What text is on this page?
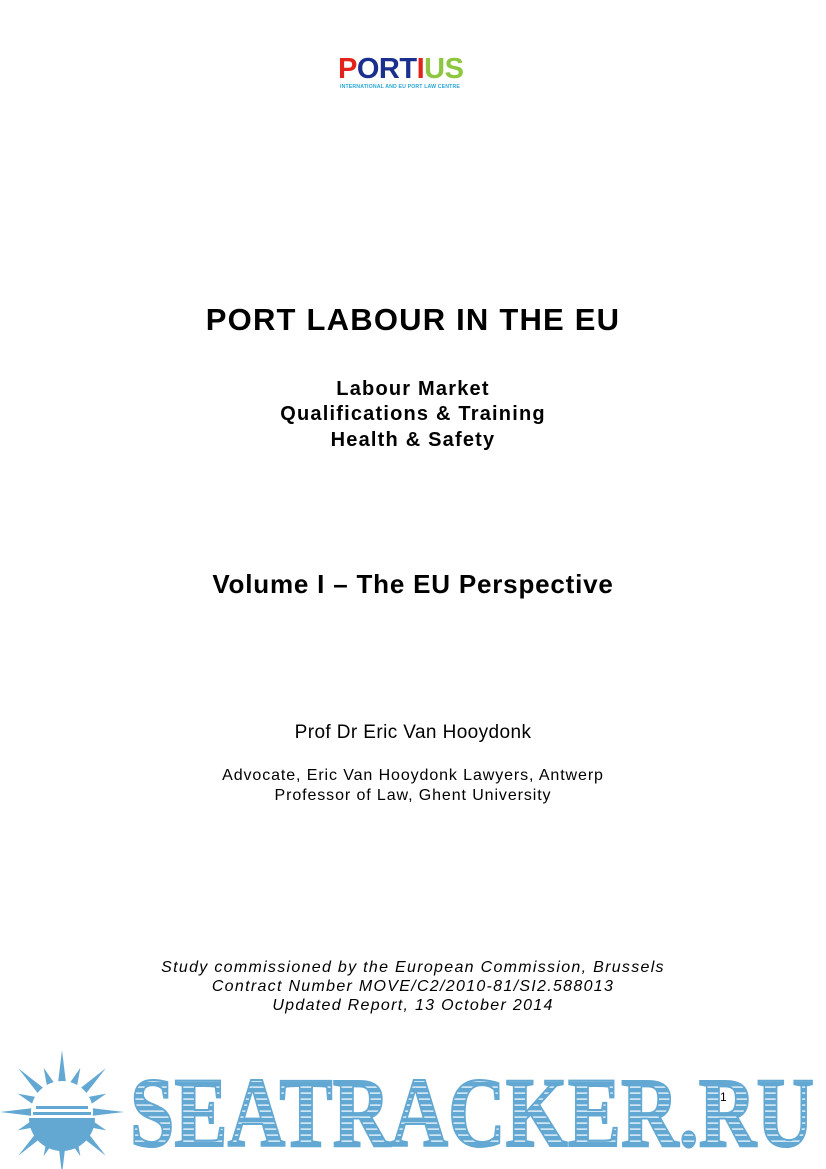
PORTIUS
INTERNATIONAL AND EU PORT LAW CENTRE
PORT LABOUR IN THE EU
Labour Market
Qualifications & Training
Health & Safety
Volume I – The EU Perspective
Prof Dr Eric Van Hooydonk
Advocate, Eric Van Hooydonk Lawyers, Antwerp
Professor of Law, Ghent University
Study commissioned by the European Commission, Brussels
Contract Number MOVE/C2/2010-81/SI2.588013
Updated Report, 13 October 2014
SEATRACKER.RU
1
